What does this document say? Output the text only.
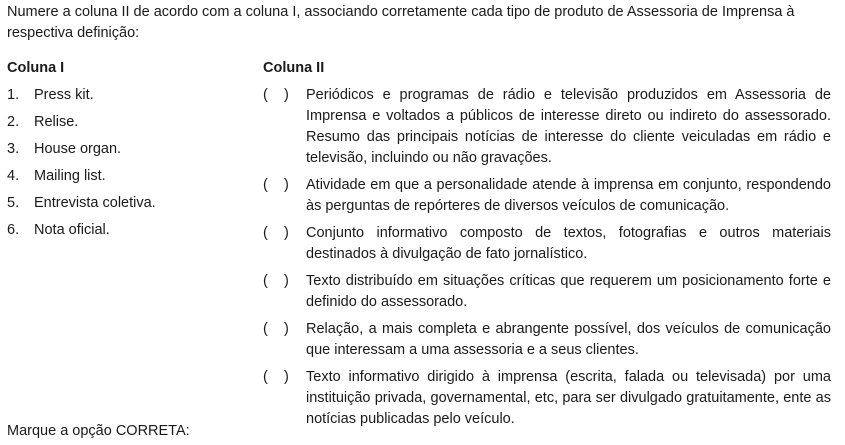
Numere a coluna II de acordo com a coluna I, associando corretamente cada tipo de produto de Assessoria de Imprensa à respectiva definição:
Coluna I
1.	Press kit.
2.	Relise.
3.	House organ.
4.	Mailing list.
5.	Entrevista coletiva.
6.	Nota oficial.
Coluna II
(    )	Periódicos e programas de rádio e televisão produzidos em Assessoria de Imprensa e voltados a públicos de interesse direto ou indireto do assessorado. Resumo das principais notícias de interesse do cliente veiculadas em rádio e televisão, incluindo ou não gravações.
(    )	Atividade em que a personalidade atende à imprensa em conjunto, respondendo às perguntas de repórteres de diversos veículos de comunicação.
(    )	Conjunto informativo composto de textos, fotografias e outros materiais destinados à divulgação de fato jornalístico.
(    )	Texto distribuído em situações críticas que requerem um posicionamento forte e definido do assessorado.
(    )	Relação, a mais completa e abrangente possível, dos veículos de comunicação que interessam a uma assessoria e a seus clientes.
(    )	Texto informativo dirigido à imprensa (escrita, falada ou televisada) por uma instituição privada, governamental, etc, para ser divulgado gratuitamente, ente as notícias publicadas pelo veículo.
Marque a opção CORRETA:
